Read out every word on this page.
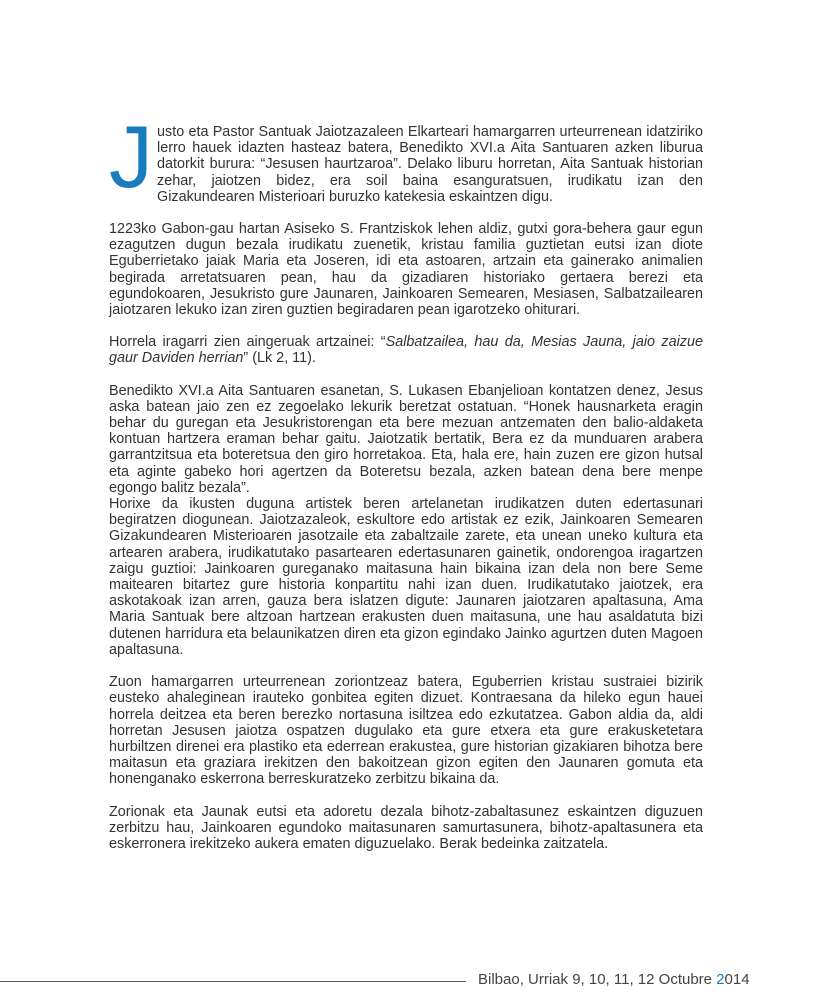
Justo eta Pastor Santuak Jaiotzazaleen Elkarteari hamargarren urteurrenean idatziriko lerro hauek idazten hasteaz batera, Benedikto XVI.a Aita Santuaren azken liburua datorkit burura: “Jesusen haurtzaroa”. Delako liburu horretan, Aita Santuak historian zehar, jaiotzen bidez, era soil baina esanguratsuen, irudikatu izan den Gizakundearen Misterioari buruzko katekesia eskaintzen digu.

1223ko Gabon-gau hartan Asiseko S. Frantziskok lehen aldiz, gutxi gora-behera gaur egun ezagutzen dugun bezala irudikatu zuenetik, kristau familia guztietan eutsi izan diote Eguberrietako jaiak Maria eta Joseren, idi eta astoaren, artzain eta gainerako animalien begirada arretatsuaren pean, hau da gizadiaren historiako gertaera berezi eta egundokoaren, Jesukristo gure Jaunaren, Jainkoaren Semearen, Mesiasen, Salbatzailearen jaiotzaren lekuko izan ziren guztien begiradaren pean igarotzeko ohiturari.

Horrela iragarri zien aingeruak artzainei: “Salbatzailea, hau da, Mesias Jauna, jaio zaizue gaur Daviden herrian” (Lk 2, 11).

Benedikto XVI.a Aita Santuaren esanetan, S. Lukasen Ebanjelioan kontatzen denez, Jesus aska batean jaio zen ez zegoelako lekurik beretzat ostatuan. “Honek hausnarketa eragin behar du guregan eta Jesukristorengan eta bere mezuan antzematen den balio-aldaketa kontuan hartzera eraman behar gaitu. Jaiotzatik bertatik, Bera ez da munduaren arabera garrantzitsua eta boteretsua den giro horretakoa. Eta, hala ere, hain zuzen ere gizon hutsal eta aginte gabeko hori agertzen da Boteretsu bezala, azken batean dena bere menpe egongo balitz bezala”.

Horixe da ikusten duguna artistek beren artelanetan irudikatzen duten edertasunari begiratzen diogunean. Jaiotzazaleok, eskultore edo artistak ez ezik, Jainkoaren Semearen Gizakundearen Misterioaren jasotzaile eta zabaltzaile zarete, eta unean uneko kultura eta artearen arabera, irudikatutako pasartearen edertasunaren gainetik, ondorengoa iragartzen zaigu guztioi: Jainkoaren gureganako maitasuna hain bikaina izan dela non bere Seme maitearen bitartez gure historia konpartitu nahi izan duen. Irudikatutako jaiotzek, era askotakoak izan arren, gauza bera islatzen digute: Jaunaren jaiotzaren apaltasuna, Ama Maria Santuak bere altzoan hartzean erakusten duen maitasuna, une hau asaldatuta bizi dutenen harridura eta belaunikatzen diren eta gizon egindako Jainko agurtzen duten Magoen apaltasuna.

Zuon hamargarren urteurrenean zoriontzeaz batera, Eguberrien kristau sustraiei bizirik eusteko ahaleginean irauteko gonbitea egiten dizuet. Kontraesana da hileko egun hauei horrela deitzea eta beren berezko nortasuna isiltzea edo ezkutatzea. Gabon aldia da, aldi horretan Jesusen jaiotza ospatzen dugulako eta gure etxera eta gure erakusketetara hurbiltzen direnei era plastiko eta ederrean erakustea, gure historian gizakiaren bihotza bere maitasun eta graziara irekitzen den bakoitzean gizon egiten den Jaunaren gomuta eta honenganako eskerrona berreskuratzeko zerbitzu bikaina da.

Zorionak eta Jaunak eutsi eta adoretu dezala bihotz-zabaltasunez eskaintzen diguzuen zerbitzu hau, Jainkoaren egundoko maitasunaren samurtasunera, bihotz-apaltasunera eta eskerronera irekitzeko aukera ematen diguzuelako. Berak bedeinka zaitzatela.

Bilbao, Urriak 9, 10, 11, 12 Octubre 2014
